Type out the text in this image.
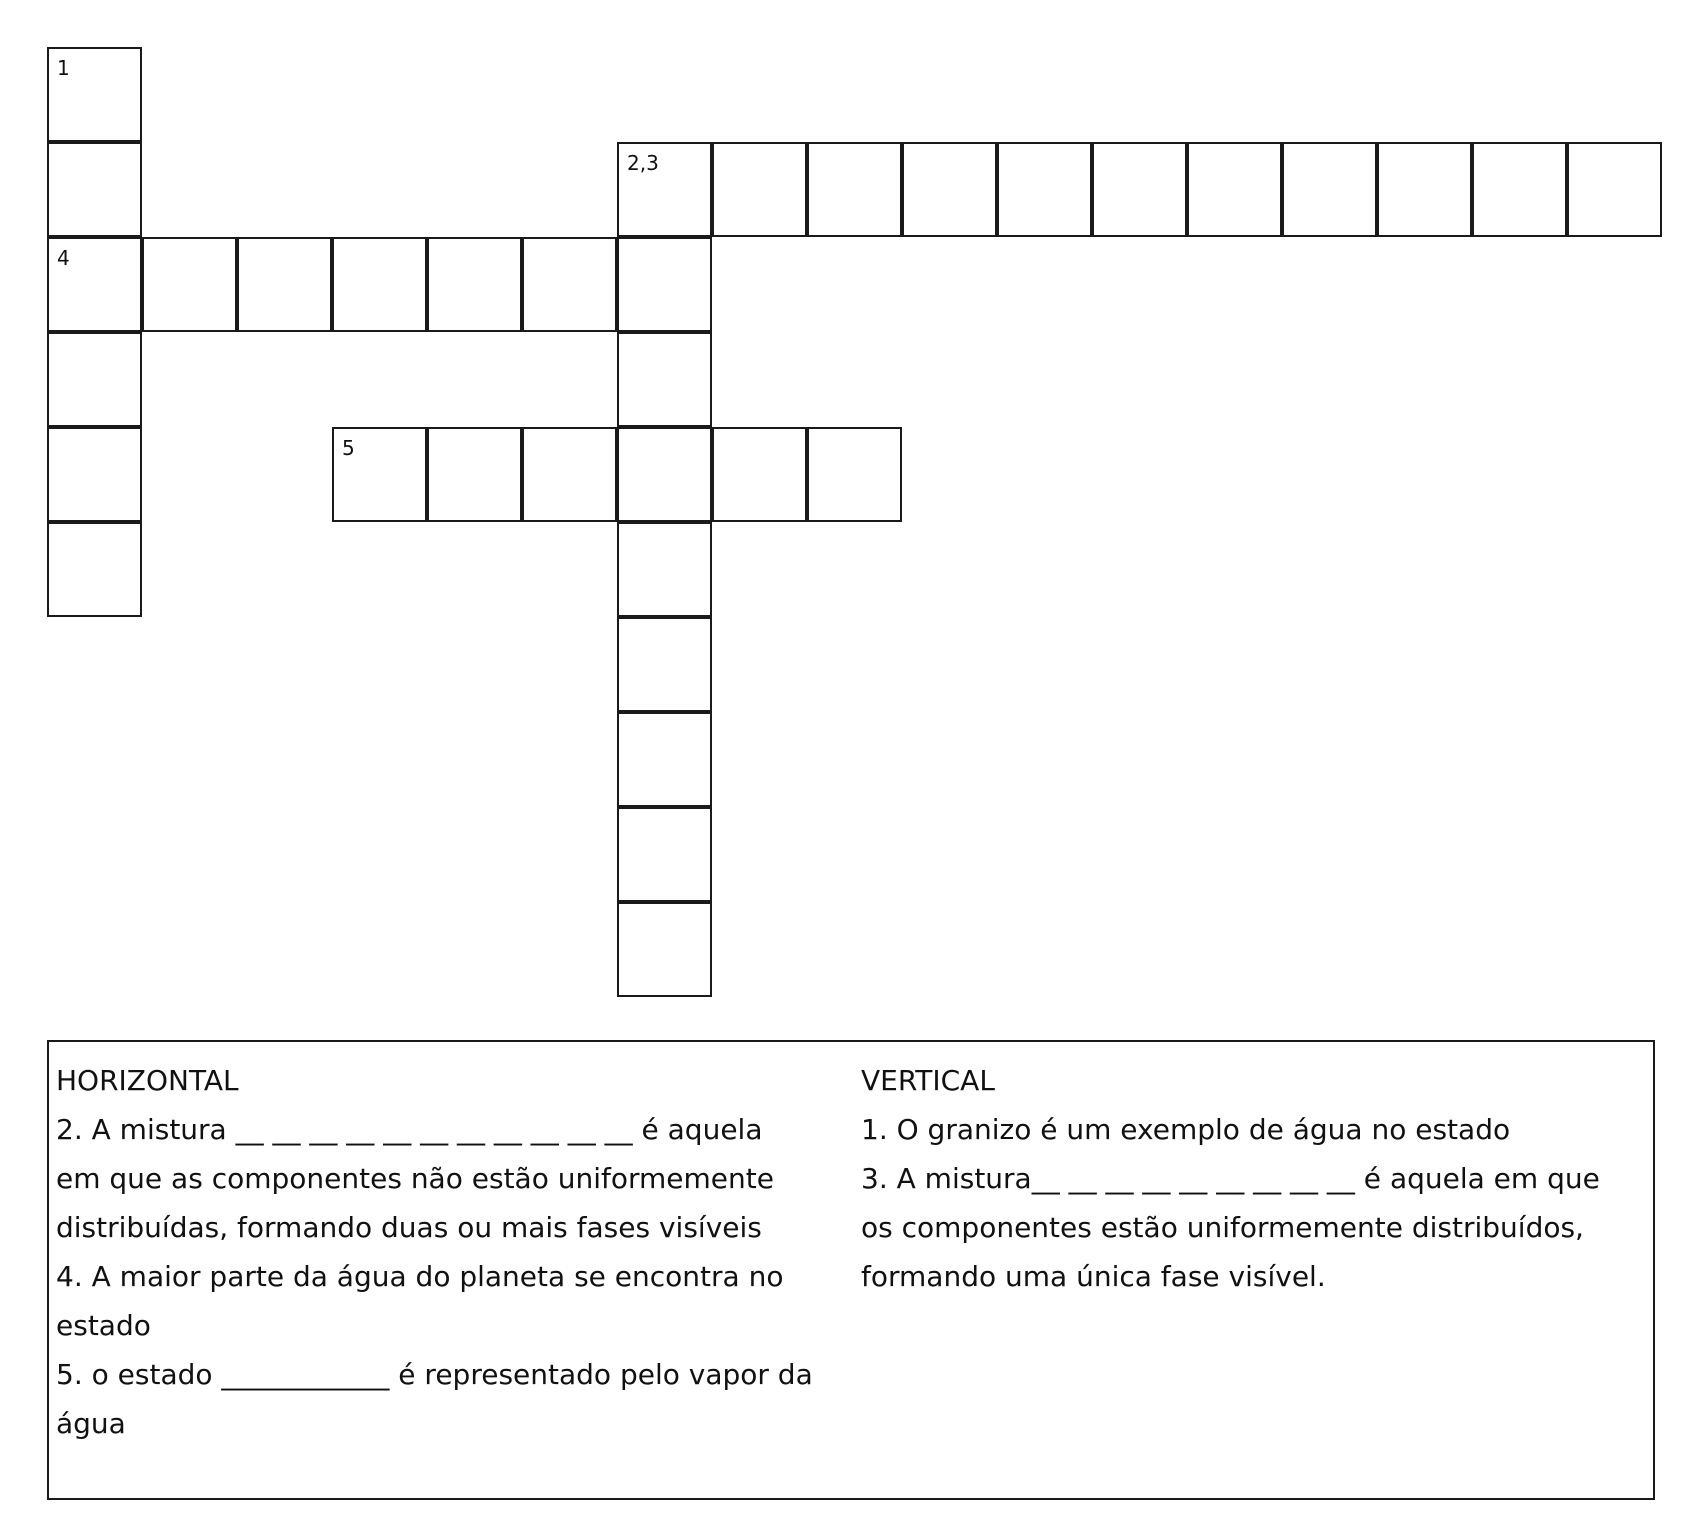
1
4
2,3
5
HORIZONTAL
2. A mistura __ __ __ __ __ __ __ __ __ __ __ é aquela
em que as componentes não estão uniformemente
distribuídas, formando duas ou mais fases visíveis
4. A maior parte da água do planeta se encontra no
estado
5. o estado ____________ é representado pelo vapor da
água
VERTICAL
1. O granizo é um exemplo de água no estado
3. A mistura__ __ __ __ __ __ __ __ __ é aquela em que
os componentes estão uniformemente distribuídos,
formando uma única fase visível.
